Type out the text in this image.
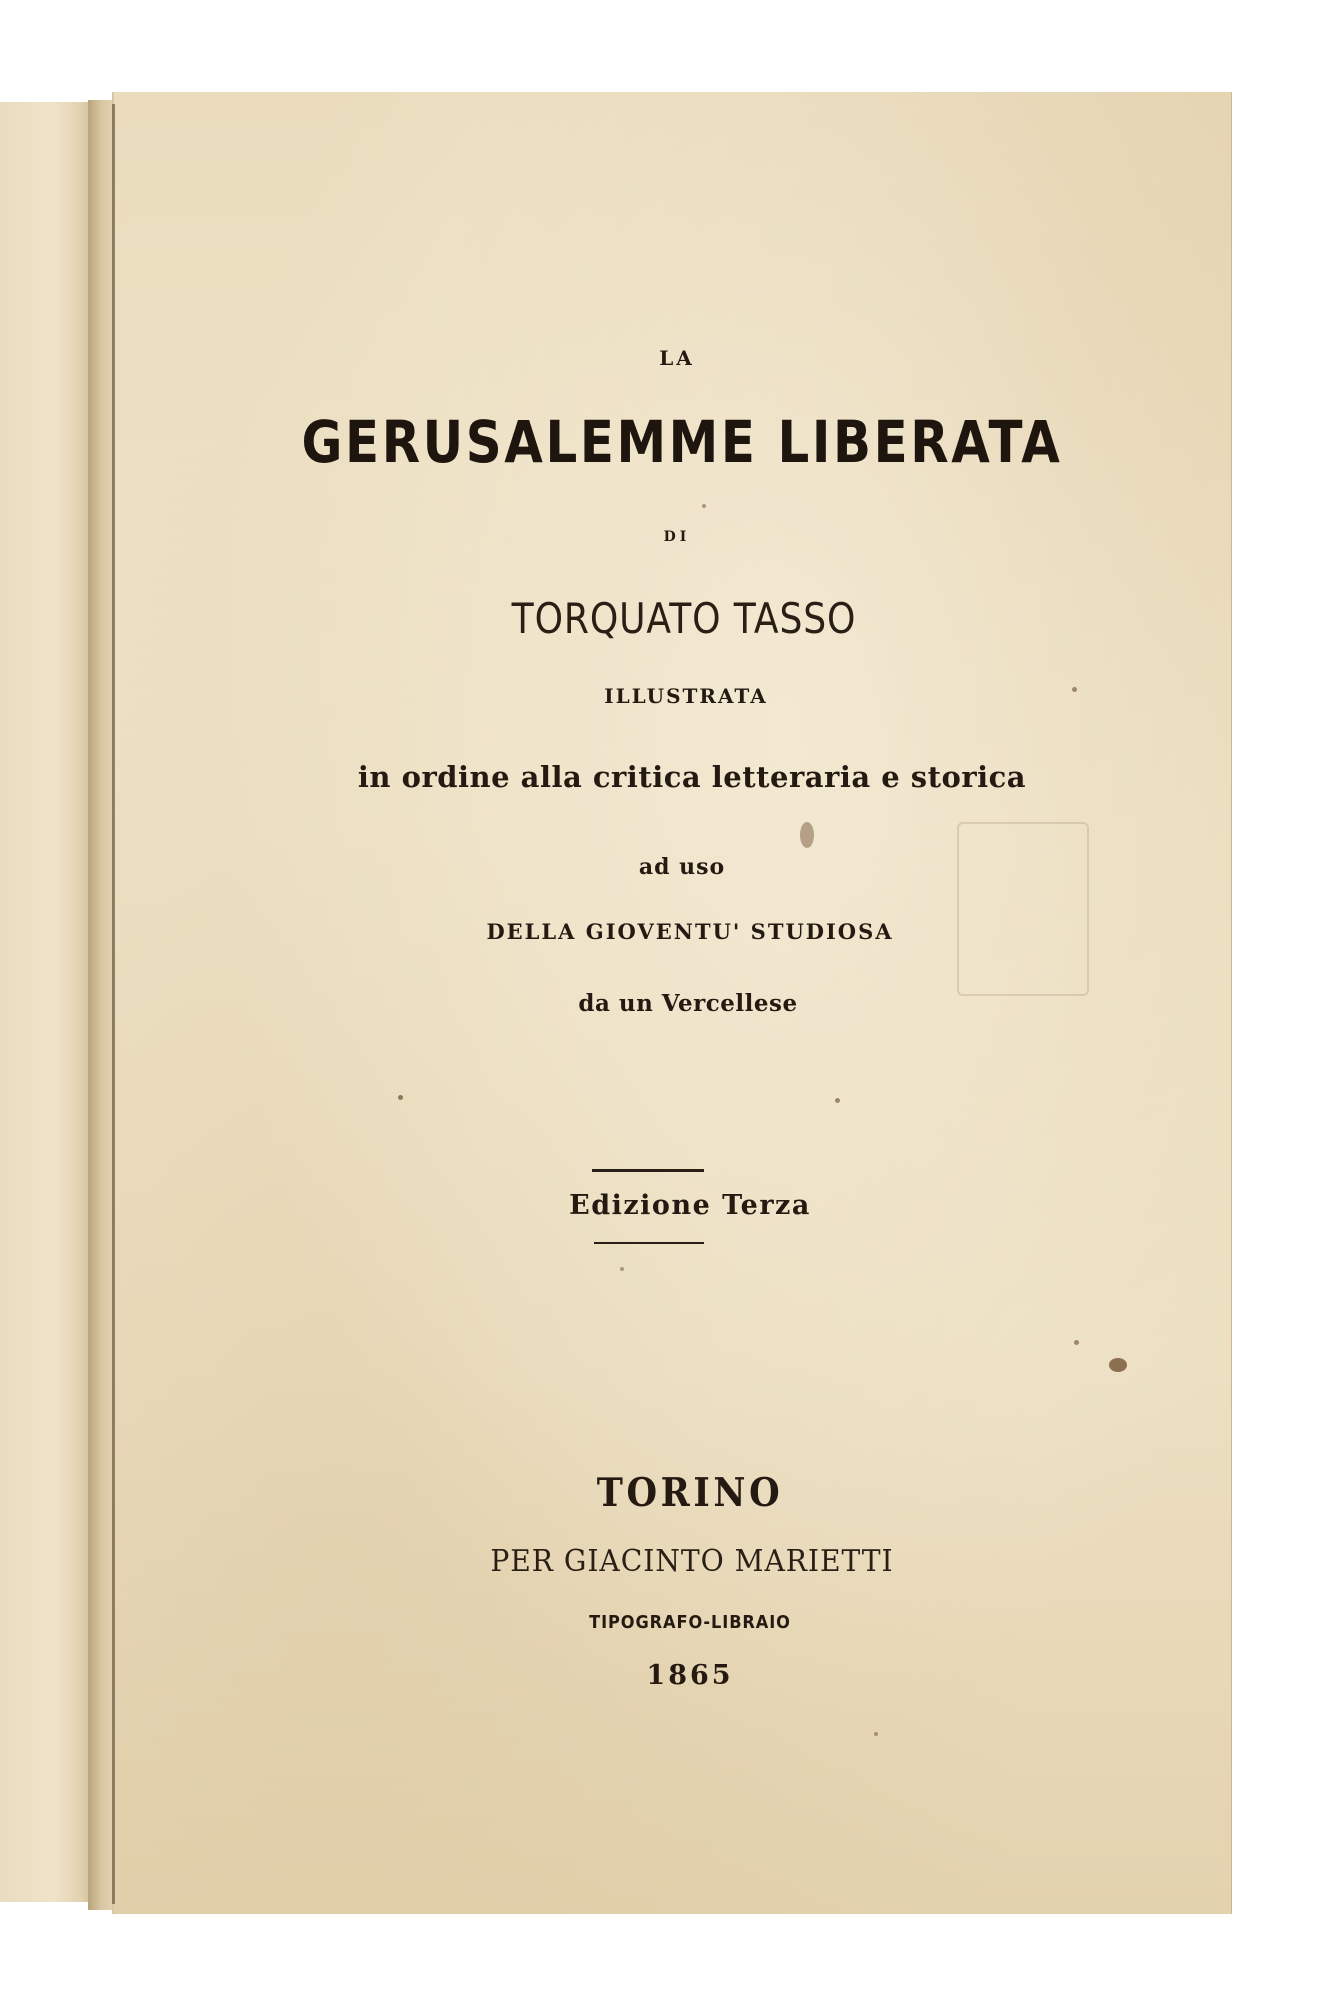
LA
GERUSALEMME LIBERATA
DI
TORQUATO TASSO
ILLUSTRATA
in ordine alla critica letteraria e storica
ad uso
DELLA GIOVENTU' STUDIOSA
da un Vercellese
Edizione Terza
TORINO
PER GIACINTO MARIETTI
TIPOGRAFO-LIBRAIO
1865
